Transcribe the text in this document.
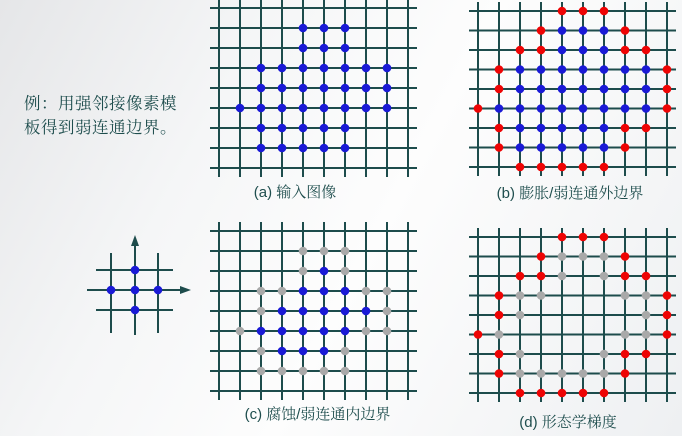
例：用强邻接像素模
板得到弱连通边界。
(a) 输入图像	(b) 膨胀/弱连通外边界
(c) 腐蚀/弱连通内边界	(d) 形态学梯度
